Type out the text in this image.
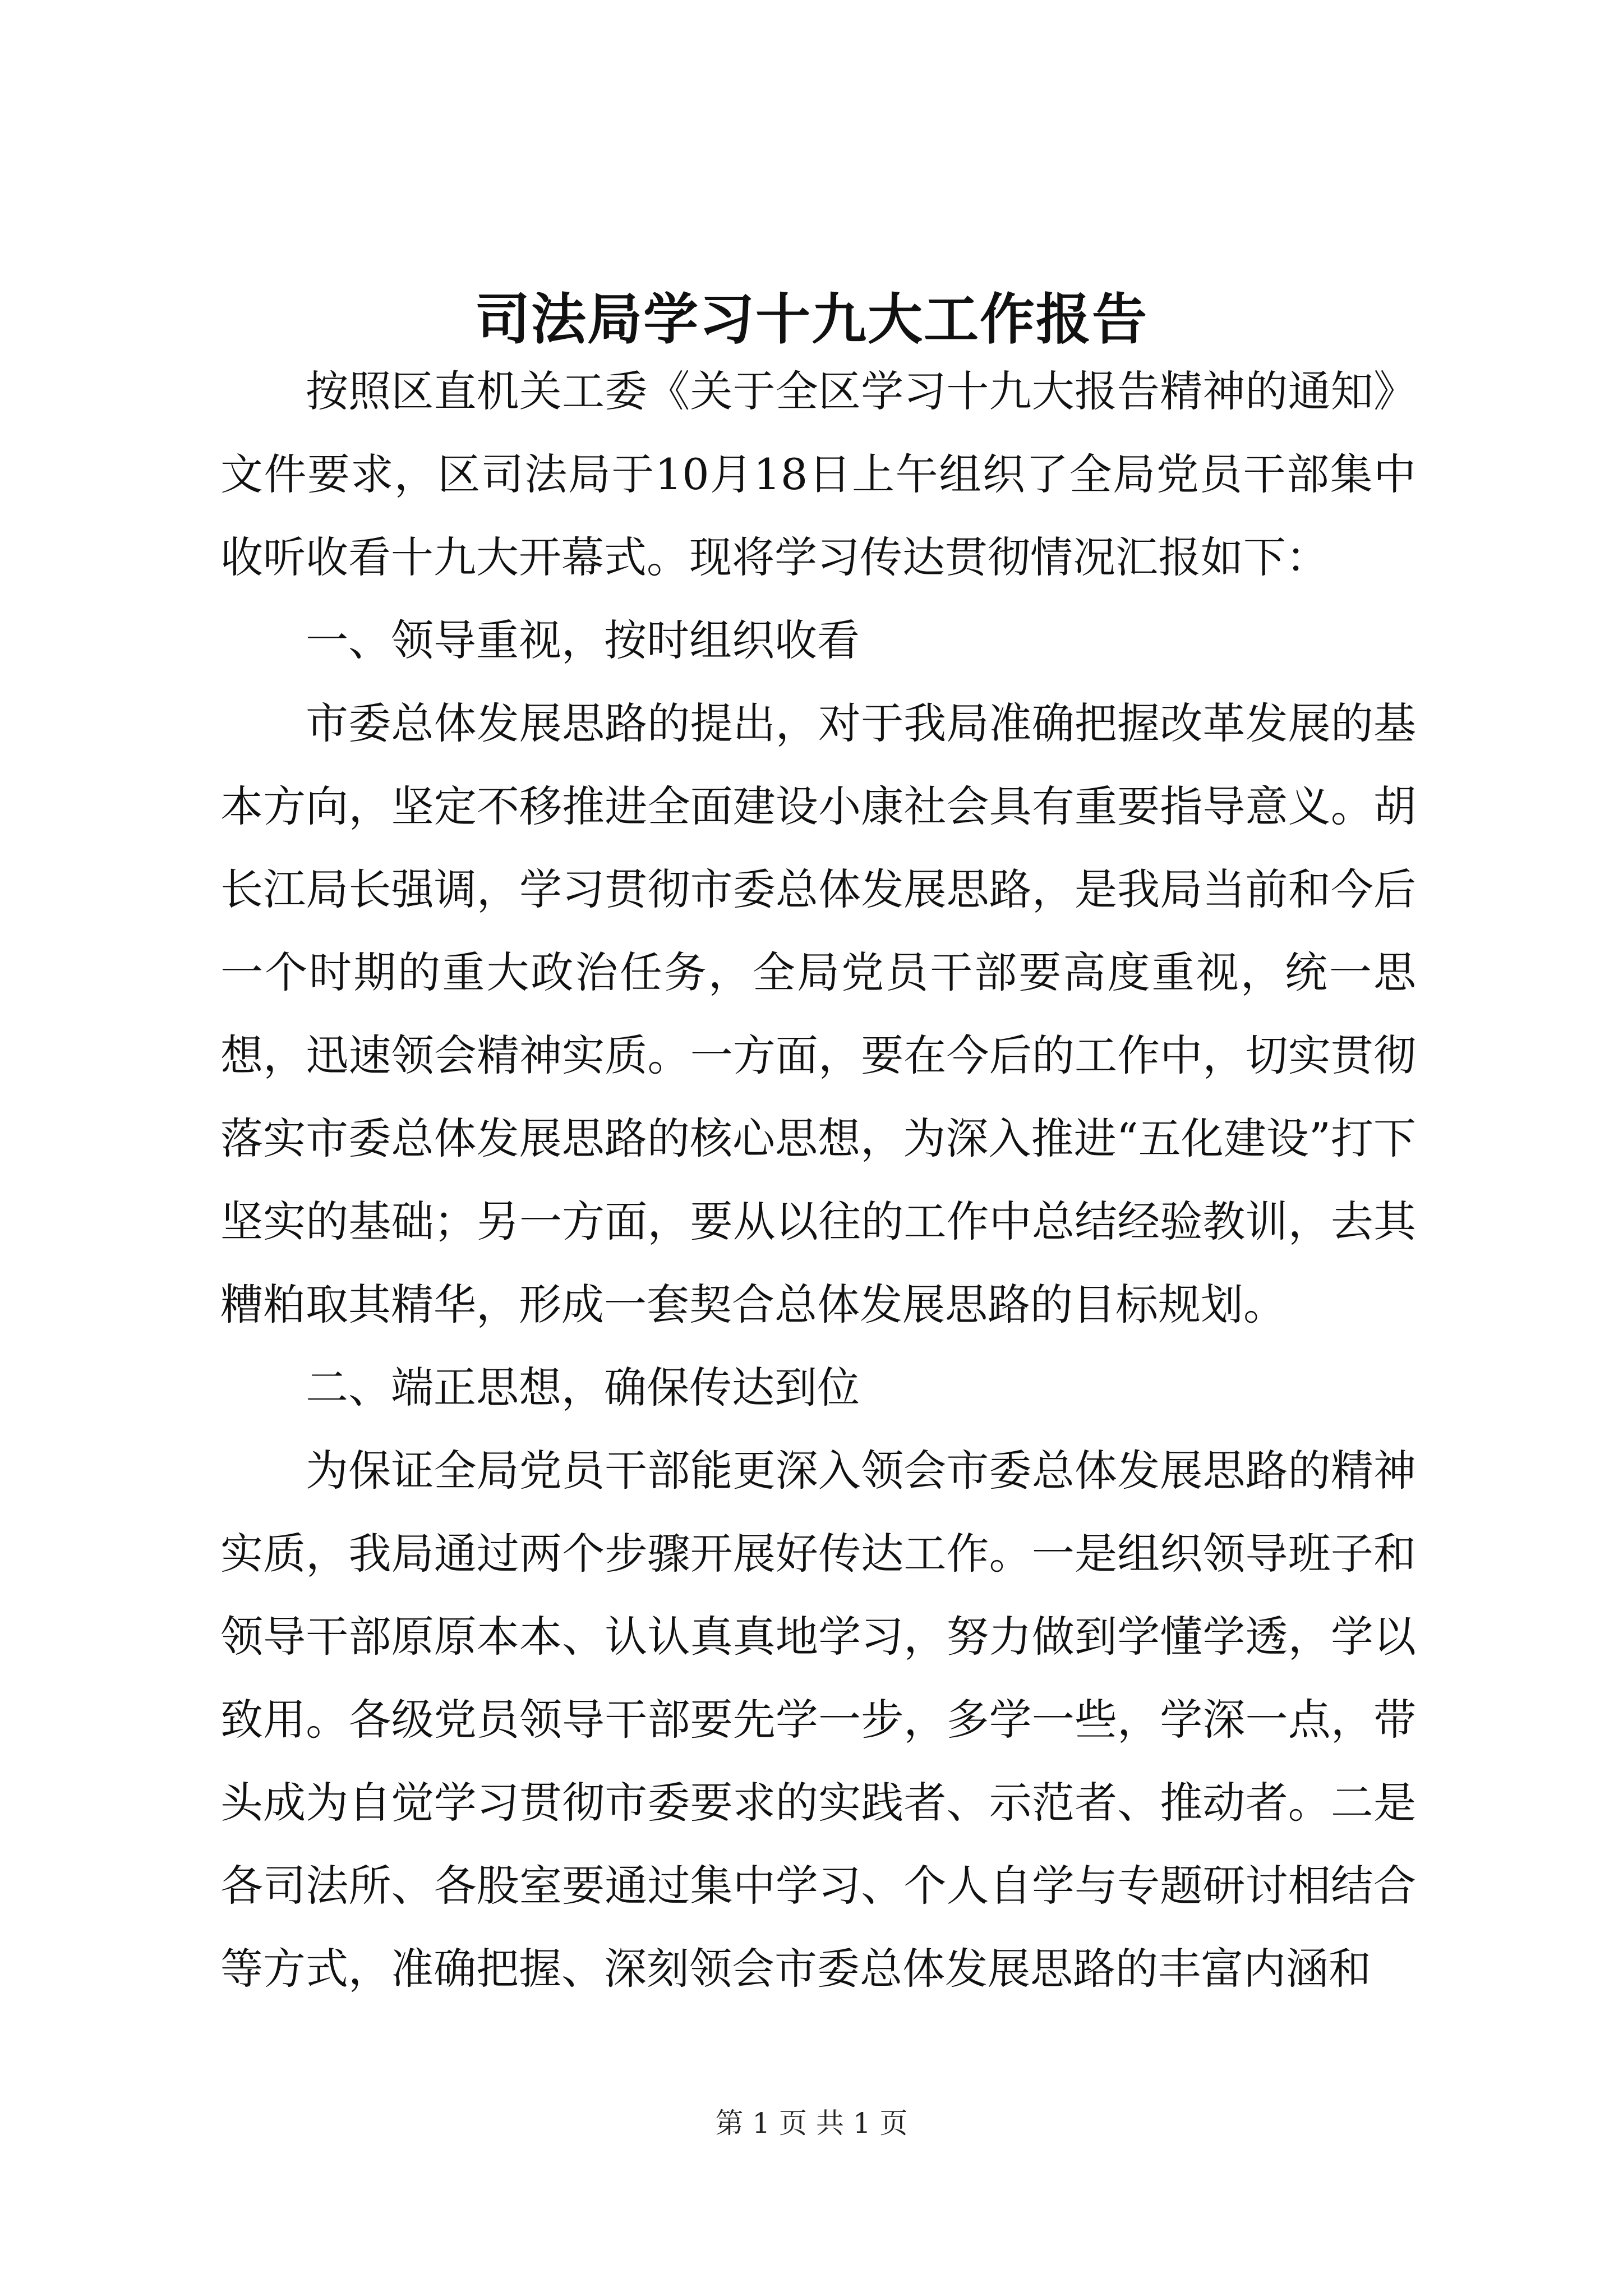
司法局学习十九大工作报告

按照区直机关工委《关于全区学习十九大报告精神的通知》文件要求，区司法局于10月18日上午组织了全局党员干部集中收听收看十九大开幕式。现将学习传达贯彻情况汇报如下：

一、领导重视，按时组织收看

市委总体发展思路的提出，对于我局准确把握改革发展的基本方向，坚定不移推进全面建设小康社会具有重要指导意义。胡长江局长强调，学习贯彻市委总体发展思路，是我局当前和今后一个时期的重大政治任务，全局党员干部要高度重视，统一思想，迅速领会精神实质。一方面，要在今后的工作中，切实贯彻落实市委总体发展思路的核心思想，为深入推进“五化建设”打下坚实的基础；另一方面，要从以往的工作中总结经验教训，去其糟粕取其精华，形成一套契合总体发展思路的目标规划。

二、端正思想，确保传达到位

为保证全局党员干部能更深入领会市委总体发展思路的精神实质，我局通过两个步骤开展好传达工作。一是组织领导班子和领导干部原原本本、认认真真地学习，努力做到学懂学透，学以致用。各级党员领导干部要先学一步，多学一些，学深一点，带头成为自觉学习贯彻市委要求的实践者、示范者、推动者。二是各司法所、各股室要通过集中学习、个人自学与专题研讨相结合等方式，准确把握、深刻领会市委总体发展思路的丰富内涵和

第 1 页 共 1 页
